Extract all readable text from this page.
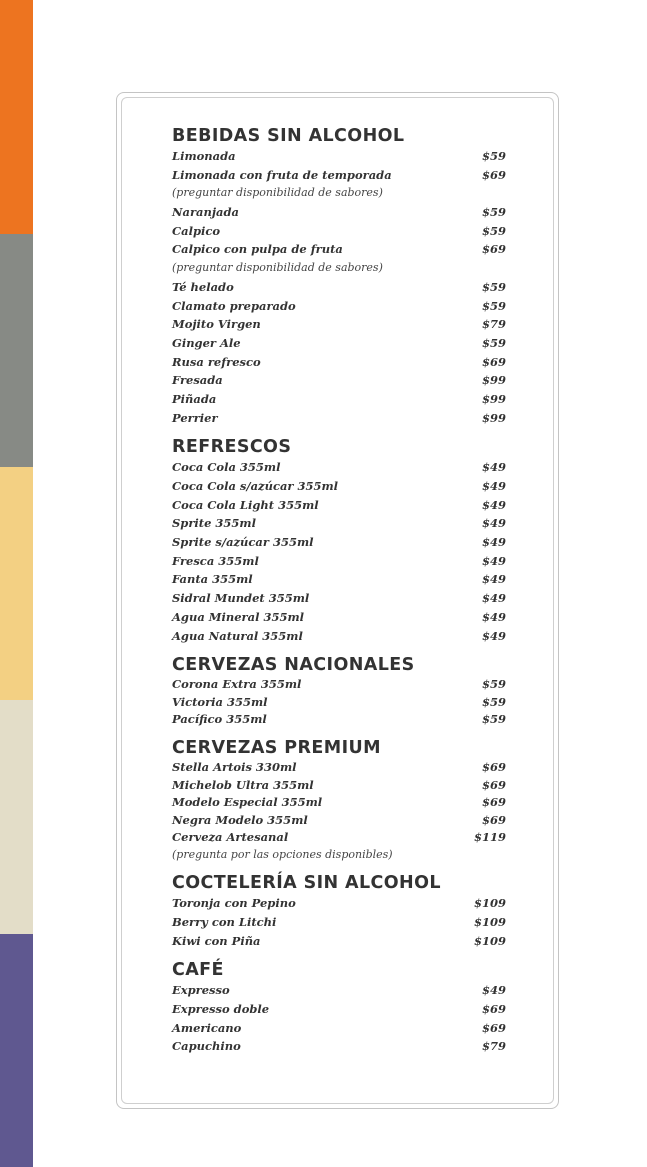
BEBIDAS SIN ALCOHOL
Limonada	$59
Limonada con fruta de temporada	$69
(preguntar disponibilidad de sabores)
Naranjada	$59
Calpico	$59
Calpico con pulpa de fruta	$69
(preguntar disponibilidad de sabores)
Té helado	$59
Clamato preparado	$59
Mojito Virgen	$79
Ginger Ale	$59
Rusa refresco	$69
Fresada	$99
Piñada	$99
Perrier	$99
REFRESCOS
Coca Cola 355ml	$49
Coca Cola s/azúcar 355ml	$49
Coca Cola Light 355ml	$49
Sprite 355ml	$49
Sprite s/azúcar 355ml	$49
Fresca 355ml	$49
Fanta 355ml	$49
Sidral Mundet 355ml	$49
Agua Mineral 355ml	$49
Agua Natural 355ml	$49
CERVEZAS NACIONALES
Corona Extra 355ml	$59
Victoria 355ml	$59
Pacífico 355ml	$59
CERVEZAS PREMIUM
Stella Artois 330ml	$69
Michelob Ultra 355ml	$69
Modelo Especial 355ml	$69
Negra Modelo 355ml	$69
Cerveza Artesanal	$119
(pregunta por las opciones disponibles)
COCTELERÍA SIN ALCOHOL
Toronja con Pepino	$109
Berry con Litchi	$109
Kiwi con Piña	$109
CAFÉ
Expresso	$49
Expresso doble	$69
Americano	$69
Capuchino	$79
